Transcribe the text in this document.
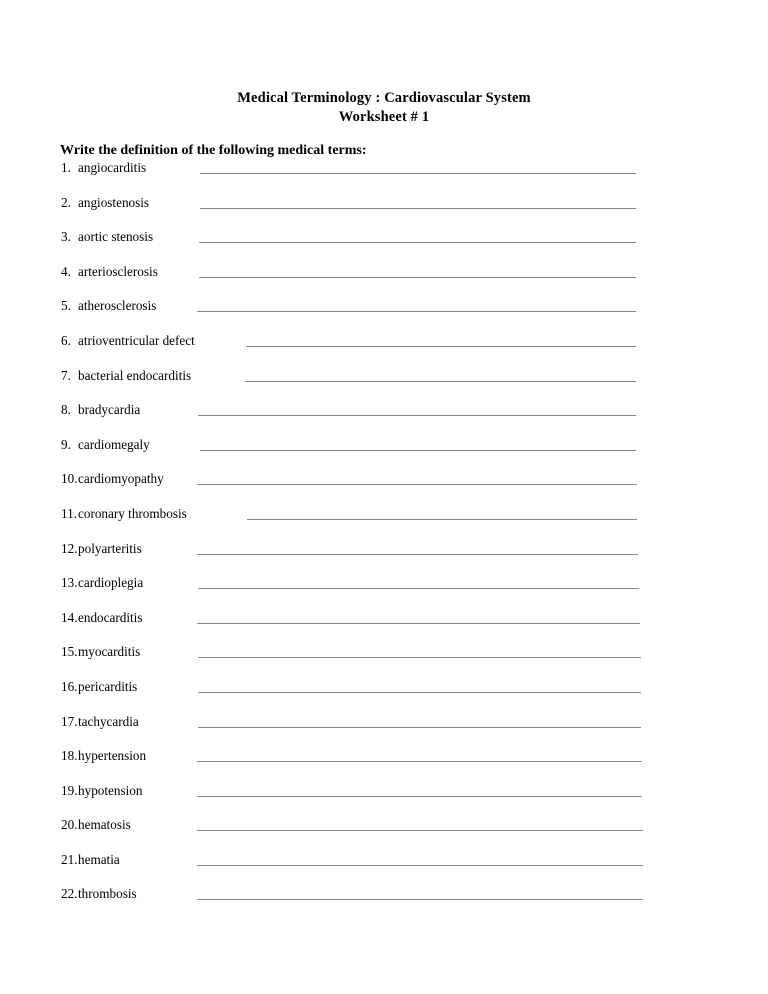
Medical Terminology : Cardiovascular System
Worksheet # 1
Write the definition of the following medical terms:
1. angiocarditis
2. angiostenosis
3. aortic stenosis
4. arteriosclerosis
5. atherosclerosis
6. atrioventricular defect
7. bacterial endocarditis
8. bradycardia
9. cardiomegaly
10. cardiomyopathy
11. coronary thrombosis
12. polyarteritis
13. cardioplegia
14. endocarditis
15. myocarditis
16. pericarditis
17. tachycardia
18. hypertension
19. hypotension
20. hematosis
21. hematia
22. thrombosis
